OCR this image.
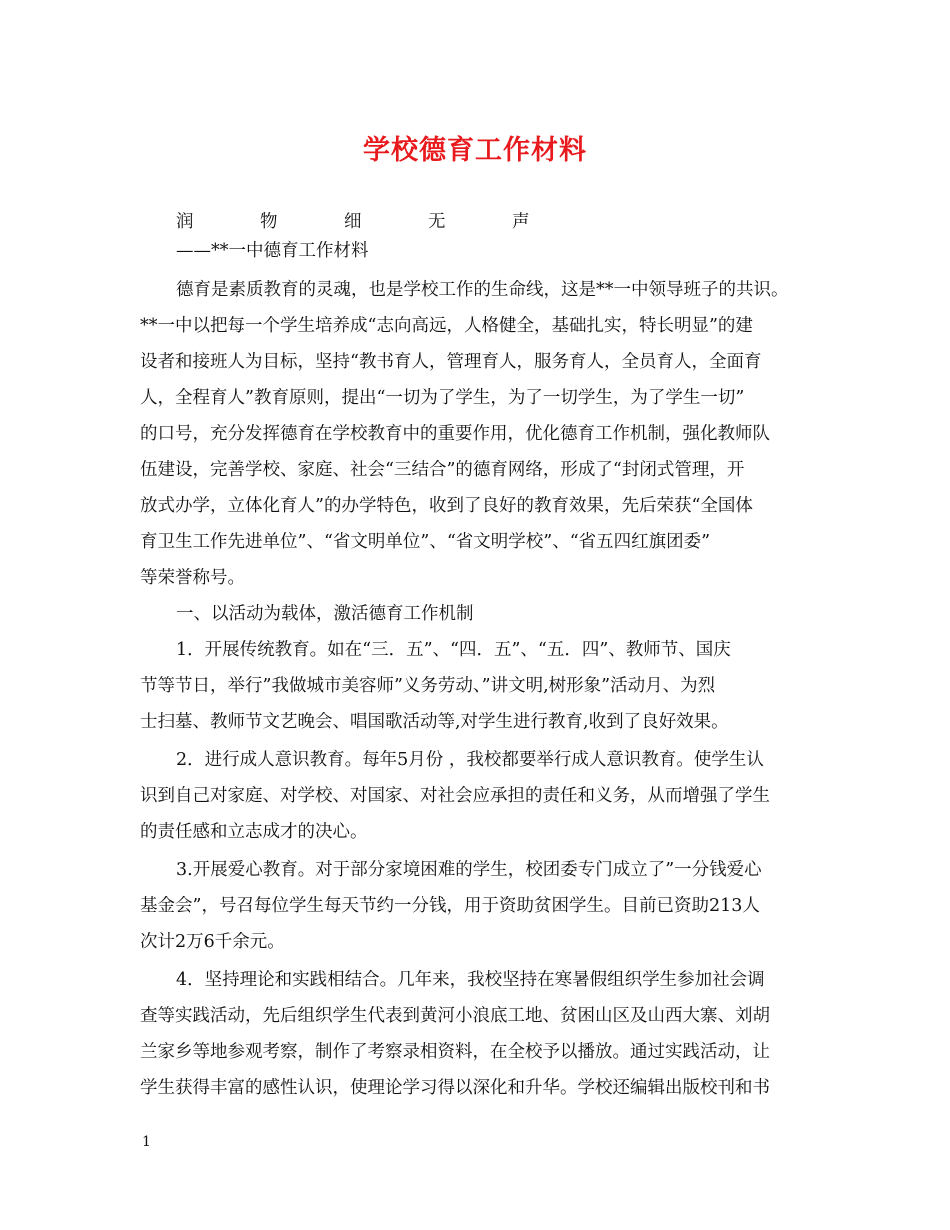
学校德育工作材料
润	物	细	无	声
——**一中德育工作材料
德育是素质教育的灵魂，也是学校工作的生命线，这是**一中领导班子的共识。
**一中以把每一个学生培养成“志向高远，人格健全，基础扎实，特长明显”的建
设者和接班人为目标，坚持“教书育人，管理育人，服务育人，全员育人，全面育
人，全程育人”教育原则，提出“一切为了学生，为了一切学生，为了学生一切”
的口号，充分发挥德育在学校教育中的重要作用，优化德育工作机制，强化教师队
伍建设，完善学校、家庭、社会“三结合”的德育网络，形成了“封闭式管理，开
放式办学，立体化育人”的办学特色，收到了良好的教育效果，先后荣获“全国体
育卫生工作先进单位”、“省文明单位”、“省文明学校”、“省五四红旗团委”
等荣誉称号。
一、以活动为载体，激活德育工作机制
1．开展传统教育。如在“三．五”、“四．五”、“五．四”、教师节、国庆
节等节日，举行”我做城市美容师”义务劳动、”讲文明,树形象”活动月、为烈
士扫墓、教师节文艺晚会、唱国歌活动等,对学生进行教育,收到了良好效果。
2．进行成人意识教育。每年5月份 ，我校都要举行成人意识教育。使学生认
识到自己对家庭、对学校、对国家、对社会应承担的责任和义务，从而增强了学生
的责任感和立志成才的决心。
3.开展爱心教育。对于部分家境困难的学生，校团委专门成立了”一分钱爱心
基金会”，号召每位学生每天节约一分钱，用于资助贫困学生。目前已资助213人
次计2万6千余元。
4．坚持理论和实践相结合。几年来，我校坚持在寒暑假组织学生参加社会调
查等实践活动，先后组织学生代表到黄河小浪底工地、贫困山区及山西大寨、刘胡
兰家乡等地参观考察，制作了考察录相资料，在全校予以播放。通过实践活动，让
学生获得丰富的感性认识，使理论学习得以深化和升华。学校还编辑出版校刊和书
1
